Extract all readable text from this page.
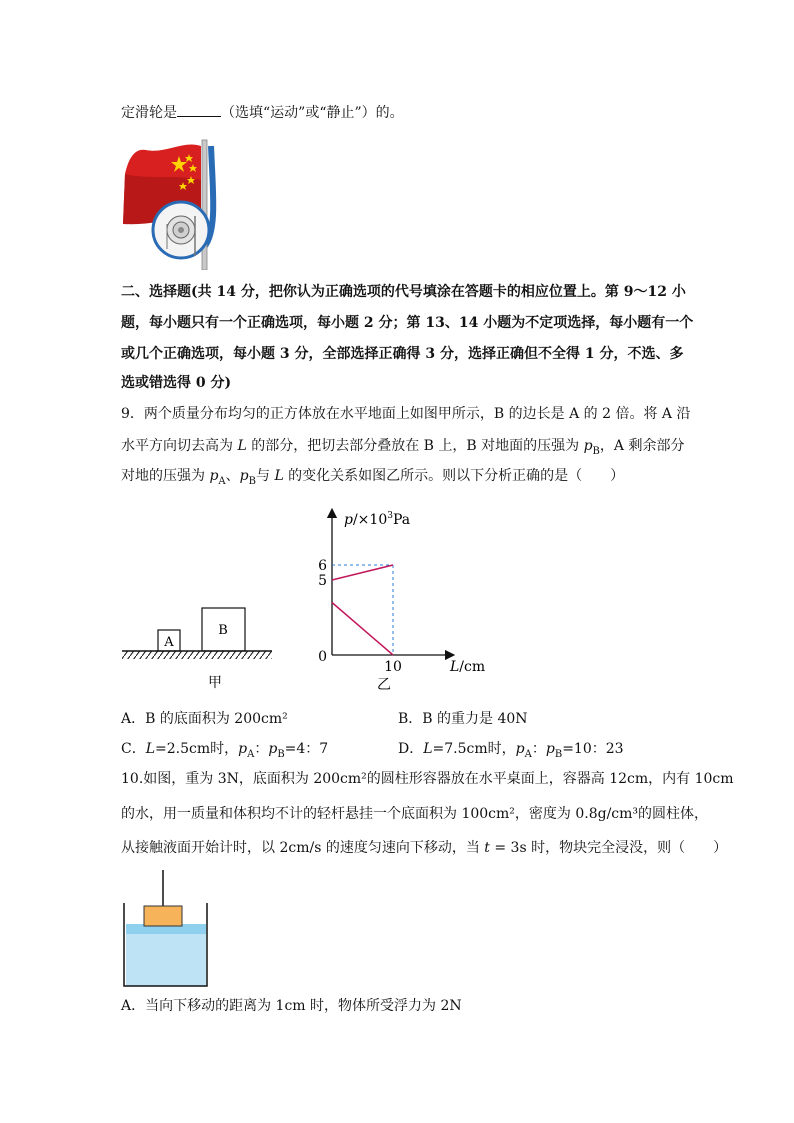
定滑轮是	（选填“运动”或“静止”）的。
二、选择题(共 14 分，把你认为正确选项的代号填涂在答题卡的相应位置上。第 9～12 小
题，每小题只有一个正确选项，每小题 2 分；第 13、14 小题为不定项选择，每小题有一个
或几个正确选项，每小题 3 分，全部选择正确得 3 分，选择正确但不全得 1 分，不选、多
选或错选得 0 分)
9．两个质量分布均匀的正方体放在水平地面上如图甲所示，B 的边长是 A 的 2 倍。将 A 沿
水平方向切去高为 L 的部分，把切去部分叠放在 B 上，B 对地面的压强为 $p_B$，A 剩余部分
对地的压强为 $p_A$、$p_B$与 L 的变化关系如图乙所示。则以下分析正确的是（　　）
A
B
甲
$p/\times 10^3Pa$
L/cm
6
5
0
10
乙
A．B 的底面积为 200cm²	B．B 的重力是 40N
C．L=2.5cm时，$p_A$：$p_B=4$：7	D．L=7.5cm时，$p_A$：$p_B=10$：23
10.如图，重为 3N，底面积为 200cm²的圆柱形容器放在水平桌面上，容器高 12cm，内有 10cm
的水，用一质量和体积均不计的轻杆悬挂一个底面积为 100cm²，密度为 0.8g/cm³的圆柱体，
从接触液面开始计时，以 2cm/s 的速度匀速向下移动，当 t = 3s 时，物块完全浸没，则（　　）
A．当向下移动的距离为 1cm 时，物体所受浮力为 2N
